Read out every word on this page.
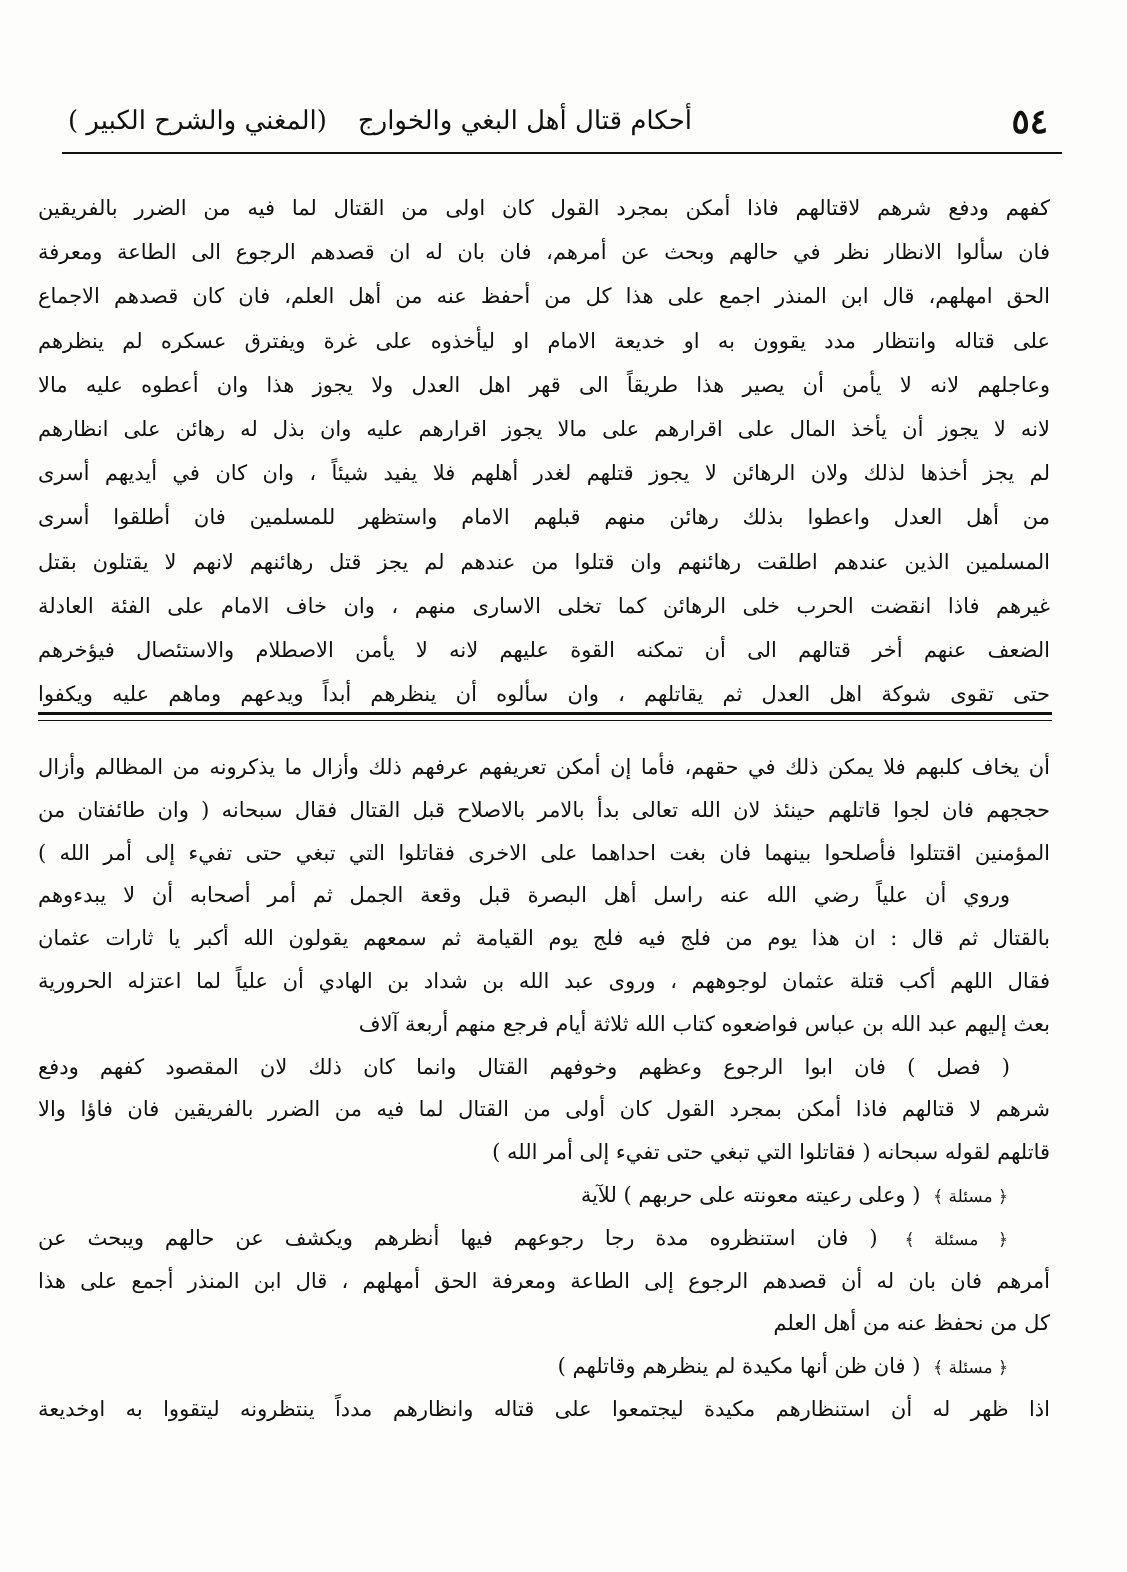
٥٤
أحكام قتال أهل البغي والخوارج
(المغني والشرح الكبير )
كفهم ودفع شرهم لاقتالهم فاذا أمكن بمجرد القول كان اولى من القتال لما فيه من الضرر بالفريقين
فان سألوا الانظار نظر في حالهم وبحث عن أمرهم، فان بان له ان قصدهم الرجوع الى الطاعة ومعرفة
الحق امهلهم، قال ابن المنذر اجمع على هذا كل من أحفظ عنه من أهل العلم، فان كان قصدهم الاجماع
على قتاله وانتظار مدد يقوون به او خديعة الامام او ليأخذوه على غرة ويفترق عسكره لم ينظرهم
وعاجلهم لانه لا يأمن أن يصير هذا طريقاً الى قهر اهل العدل ولا يجوز هذا وان أعطوه عليه مالا
لانه لا يجوز أن يأخذ المال على اقرارهم على مالا يجوز اقرارهم عليه وان بذل له رهائن على انظارهم
لم يجز أخذها لذلك ولان الرهائن لا يجوز قتلهم لغدر أهلهم فلا يفيد شيئاً ، وان كان في أيديهم أسرى
من أهل العدل واعطوا بذلك رهائن منهم قبلهم الامام واستظهر للمسلمين فان أطلقوا أسرى
المسلمين الذين عندهم اطلقت رهائنهم وان قتلوا من عندهم لم يجز قتل رهائنهم لانهم لا يقتلون بقتل
غيرهم فاذا انقضت الحرب خلى الرهائن كما تخلى الاسارى منهم ، وان خاف الامام على الفئة العادلة
الضعف عنهم أخر قتالهم الى أن تمكنه القوة عليهم لانه لا يأمن الاصطلام والاستئصال فيؤخرهم
حتى تقوى شوكة اهل العدل ثم يقاتلهم ، وان سألوه أن ينظرهم أبداً ويدعهم وماهم عليه ويكفوا
أن يخاف كلبهم فلا يمكن ذلك في حقهم، فأما إن أمكن تعريفهم عرفهم ذلك وأزال ما يذكرونه من المظالم وأزال
حججهم فان لجوا قاتلهم حينئذ لان الله تعالى بدأ بالامر بالاصلاح قبل القتال فقال سبحانه ( وان طائفتان من
المؤمنين اقتتلوا فأصلحوا بينهما فان بغت احداهما على الاخرى فقاتلوا التي تبغي حتى تفيء إلى أمر الله )
وروي أن علياً رضي الله عنه راسل أهل البصرة قبل وقعة الجمل ثم أمر أصحابه أن لا يبدءوهم
بالقتال ثم قال : ان هذا يوم من فلج فيه فلج يوم القيامة ثم سمعهم يقولون الله أكبر يا ثارات عثمان
فقال اللهم أكب قتلة عثمان لوجوههم ، وروى عبد الله بن شداد بن الهادي أن علياً لما اعتزله الحرورية
بعث إليهم عبد الله بن عباس فواضعوه كتاب الله ثلاثة أيام فرجع منهم أربعة آلاف
( فصل ) فان ابوا الرجوع وعظهم وخوفهم القتال وانما كان ذلك لان المقصود كفهم ودفع
شرهم لا قتالهم فاذا أمكن بمجرد القول كان أولى من القتال لما فيه من الضرر بالفريقين فان فاؤا والا
قاتلهم لقوله سبحانه ( فقاتلوا التي تبغي حتى تفيء إلى أمر الله )
﴿ مسئلة ﴾ ( وعلى رعيته معونته على حربهم ) للآية
﴿ مسئلة ﴾ ( فان استنظروه مدة رجا رجوعهم فيها أنظرهم ويكشف عن حالهم ويبحث عن
أمرهم فان بان له أن قصدهم الرجوع إلى الطاعة ومعرفة الحق أمهلهم ، قال ابن المنذر أجمع على هذا
كل من نحفظ عنه من أهل العلم
﴿ مسئلة ﴾ ( فان ظن أنها مكيدة لم ينظرهم وقاتلهم )
اذا ظهر له أن استنظارهم مكيدة ليجتمعوا على قتاله وانظارهم مدداً ينتظرونه ليتقووا به اوخديعة
